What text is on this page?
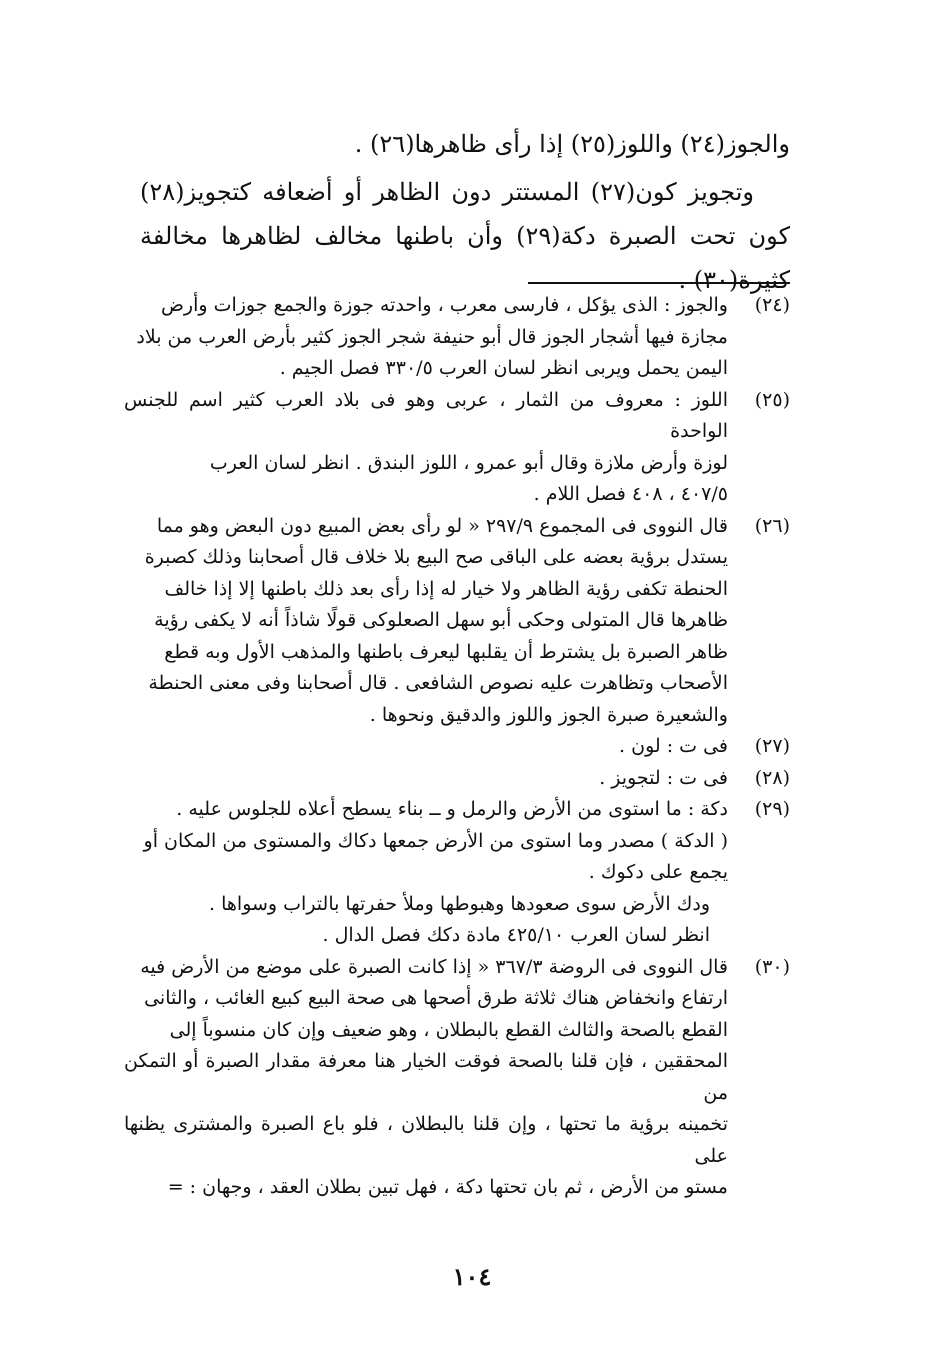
والجوز(٢٤) واللوز(٢٥) إذا رأى ظاهرها(٢٦) .

وتجويز كون(٢٧) المستتر دون الظاهر أو أضعافه كتجويز(٢٨) كون تحت الصبرة دكة(٢٩) وأن باطنها مخالف لظاهرها مخالفة كثيرة(٣٠) .

(٢٤)
والجوز : الذى يؤكل ، فارسى معرب ، واحدته جوزة والجمع جوزات وأرض
مجازة فيها أشجار الجوز قال أبو حنيفة شجر الجوز كثير بأرض العرب من بلاد
اليمن يحمل ويربى انظر لسان العرب ٣٣٠/٥ فصل الجيم .
(٢٥)
اللوز : معروف من الثمار ، عربى وهو فى بلاد العرب كثير اسم للجنس الواحدة
لوزة وأرض ملازة وقال أبو عمرو ، اللوز البندق . انظر لسان العرب
٤٠٧/٥ ، ٤٠٨ فصل اللام .
(٢٦)
قال النووى فى المجموع ٢٩٧/٩ « لو رأى بعض المبيع دون البعض وهو مما
يستدل برؤية بعضه على الباقى صح البيع بلا خلاف قال أصحابنا وذلك كصبرة
الحنطة تكفى رؤية الظاهر ولا خيار له إذا رأى بعد ذلك باطنها إلا إذا خالف
ظاهرها قال المتولى وحكى أبو سهل الصعلوكى قولًا شاذاً أنه لا يكفى رؤية
ظاهر الصبرة بل يشترط أن يقلبها ليعرف باطنها والمذهب الأول وبه قطع
الأصحاب وتظاهرت عليه نصوص الشافعى . قال أصحابنا وفى معنى الحنطة
والشعيرة صبرة الجوز واللوز والدقيق ونحوها .
(٢٧)
فى ت : لون .
(٢٨)
فى ت : لتجويز .
(٢٩)
دكة : ما استوى من الأرض والرمل و ــ بناء يسطح أعلاه للجلوس عليه .
( الدكة ) مصدر وما استوى من الأرض جمعها دكاك والمستوى من المكان أو
يجمع على دكوك .
ودك الأرض سوى صعودها وهبوطها وملأ حفرتها بالتراب وسواها .
انظر لسان العرب ٤٢٥/١٠ مادة دكك فصل الدال .
(٣٠)
قال النووى فى الروضة ٣٦٧/٣ « إذا كانت الصبرة على موضع من الأرض فيه
ارتفاع وانخفاض هناك ثلاثة طرق أصحها هى صحة البيع كبيع الغائب ، والثانى
القطع بالصحة والثالث القطع بالبطلان ، وهو ضعيف وإن كان منسوباً إلى
المحققين ، فإن قلنا بالصحة فوقت الخيار هنا معرفة مقدار الصبرة أو التمكن من
تخمينه برؤية ما تحتها ، وإن قلنا بالبطلان ، فلو باع الصبرة والمشترى يظنها على
مستو من الأرض ، ثم بان تحتها دكة ، فهل تبين بطلان العقد ، وجهان : =
١٠٤
